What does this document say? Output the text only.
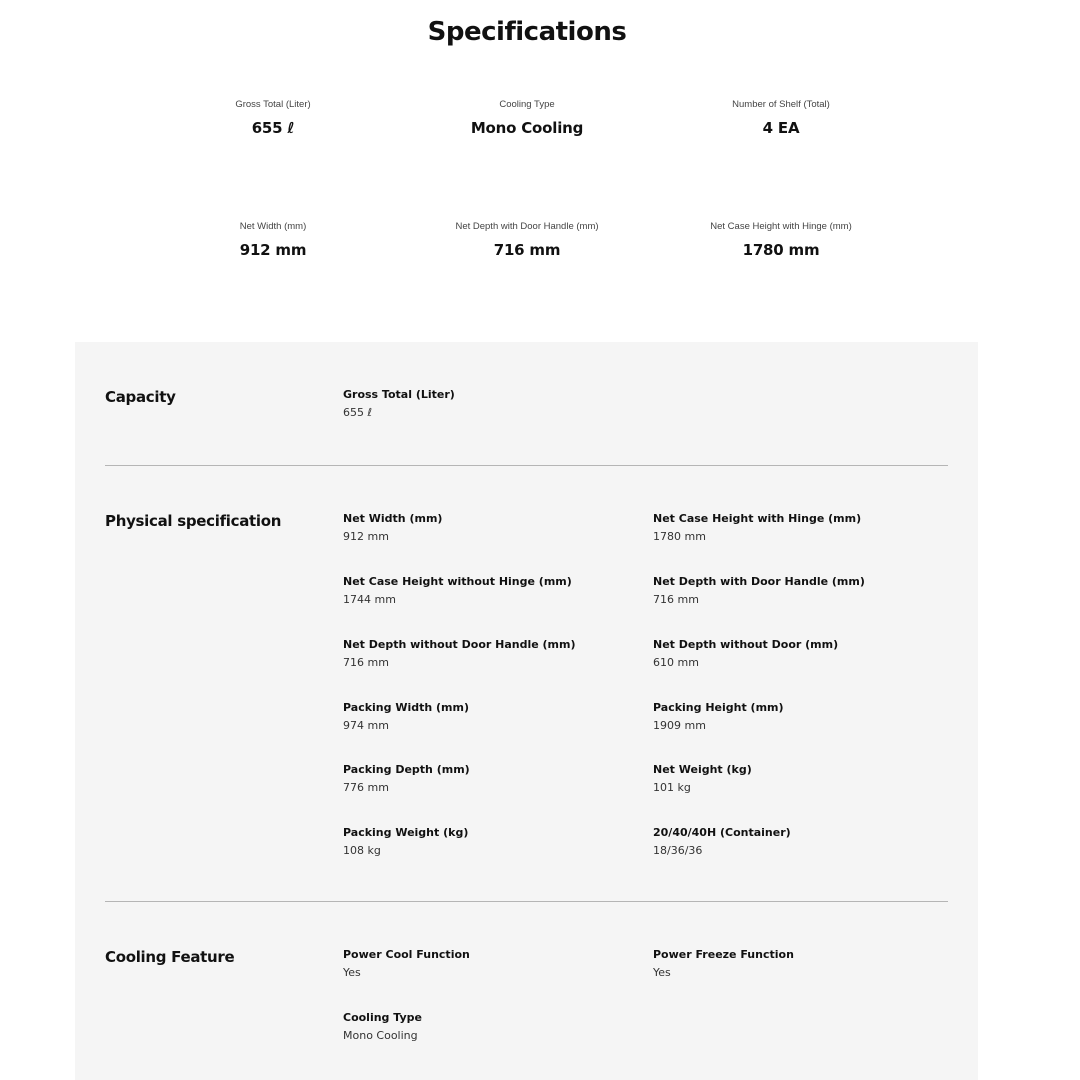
Specifications
Gross Total (Liter)
655 ℓ
Cooling Type
Mono Cooling
Number of Shelf (Total)
4 EA
Net Width (mm)
912 mm
Net Depth with Door Handle (mm)
716 mm
Net Case Height with Hinge (mm)
1780 mm
Capacity	Gross Total (Liter)
655 ℓ
Physical specification	Net Width (mm)
912 mm
Net Case Height with Hinge (mm)
1780 mm
Net Case Height without Hinge (mm)
1744 mm
Net Depth with Door Handle (mm)
716 mm
Net Depth without Door Handle (mm)
716 mm
Net Depth without Door (mm)
610 mm
Packing Width (mm)
974 mm
Packing Height (mm)
1909 mm
Packing Depth (mm)
776 mm
Net Weight (kg)
101 kg
Packing Weight (kg)
108 kg
20/40/40H (Container)
18/36/36
Cooling Feature	Power Cool Function
Yes
Power Freeze Function
Yes
Cooling Type
Mono Cooling
